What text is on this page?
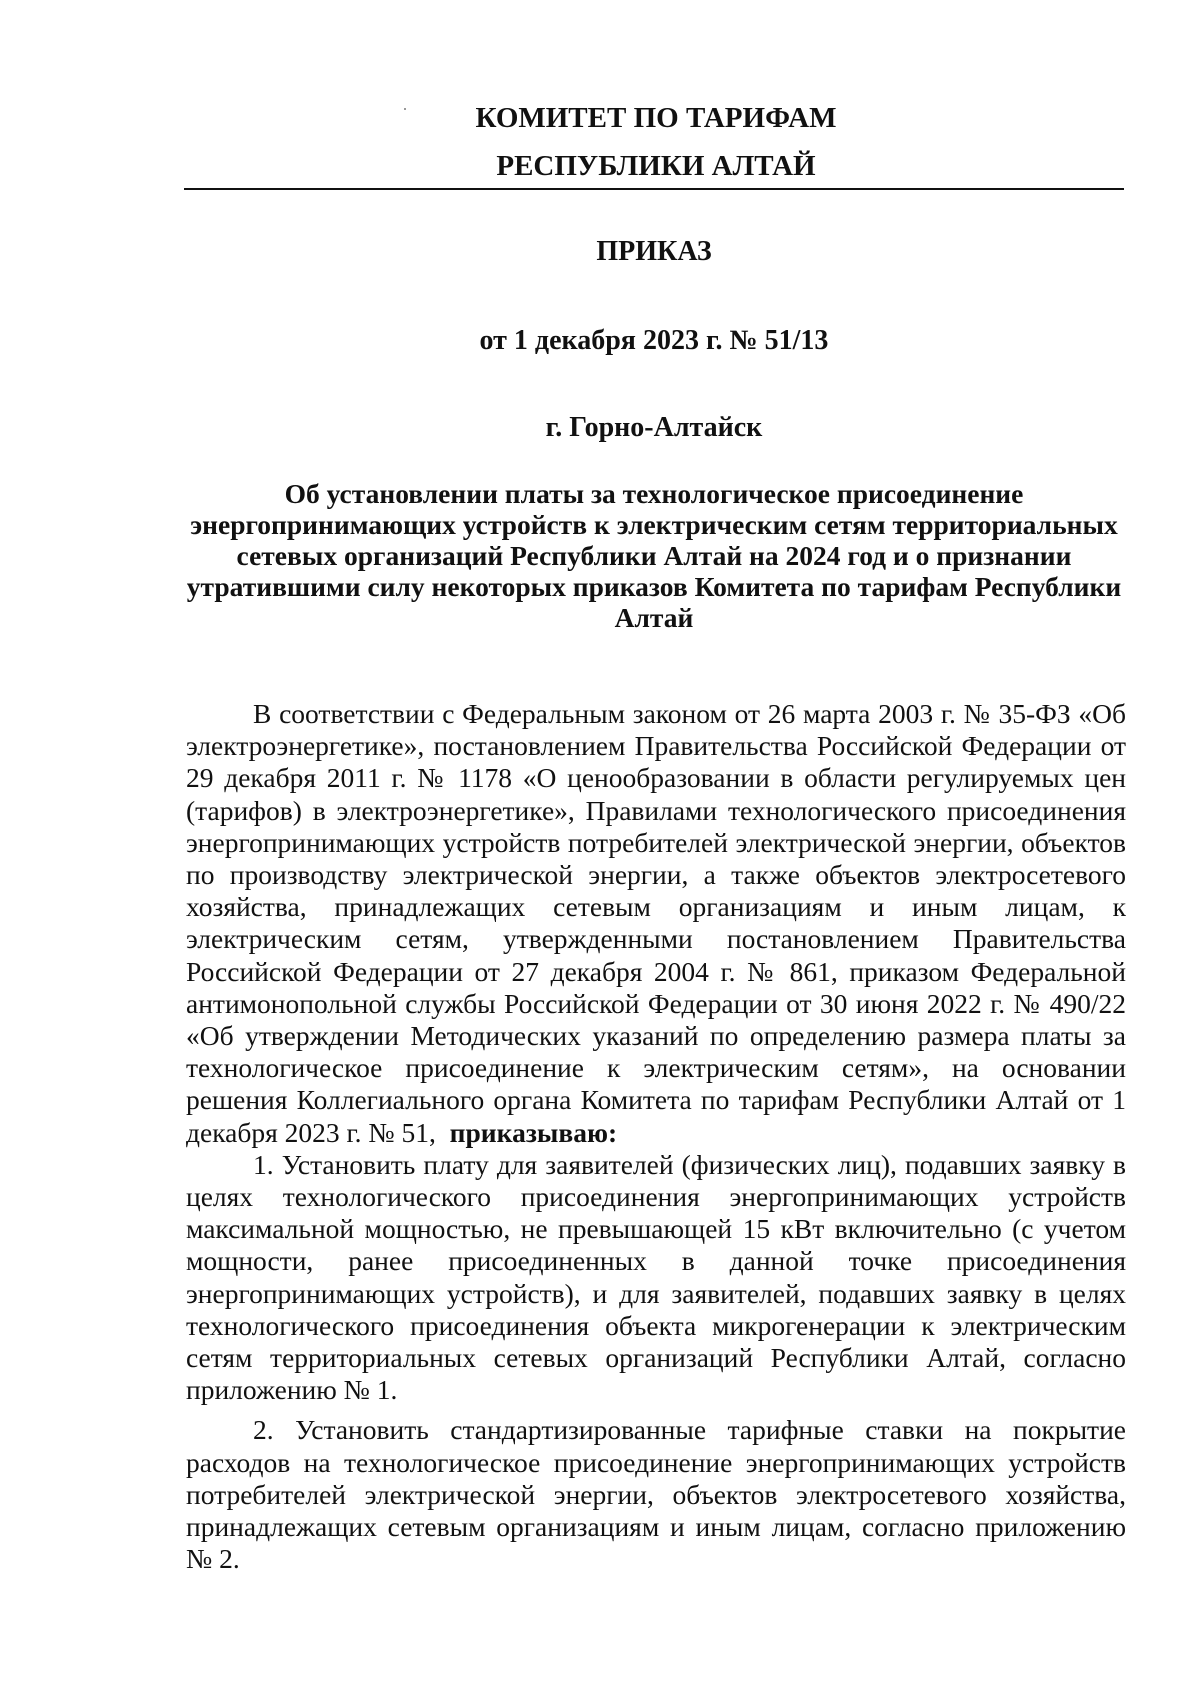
КОМИТЕТ ПО ТАРИФАМ
РЕСПУБЛИКИ АЛТАЙ
ПРИКАЗ
от 1 декабря 2023 г. № 51/13
г. Горно-Алтайск
Об установлении платы за технологическое присоединение энергопринимающих устройств к электрическим сетям территориальных сетевых организаций Республики Алтай на 2024 год и о признании утратившими силу некоторых приказов Комитета по тарифам Республики Алтай

В соответствии с Федеральным законом от 26 марта 2003 г. № 35-ФЗ «Об электроэнергетике», постановлением Правительства Российской Федерации от 29 декабря 2011 г. № 1178 «О ценообразовании в области регулируемых цен (тарифов) в электроэнергетике», Правилами технологического присоединения энергопринимающих устройств потребителей электрической энергии, объектов по производству электрической энергии, а также объектов электросетевого хозяйства, принадлежащих сетевым организациям и иным лицам, к электрическим сетям, утвержденными постановлением Правительства Российской Федерации от 27 декабря 2004 г. № 861, приказом Федеральной антимонопольной службы Российской Федерации от 30 июня 2022 г. № 490/22 «Об утверждении Методических указаний по определению размера платы за технологическое присоединение к электрическим сетям», на основании решения Коллегиального органа Комитета по тарифам Республики Алтай от 1 декабря 2023 г. № 51, приказываю:

1. Установить плату для заявителей (физических лиц), подавших заявку в целях технологического присоединения энергопринимающих устройств максимальной мощностью, не превышающей 15 кВт включительно (с учетом мощности, ранее присоединенных в данной точке присоединения энергопринимающих устройств), и для заявителей, подавших заявку в целях технологического присоединения объекта микрогенерации к электрическим сетям территориальных сетевых организаций Республики Алтай, согласно приложению № 1.

2. Установить стандартизированные тарифные ставки на покрытие расходов на технологическое присоединение энергопринимающих устройств потребителей электрической энергии, объектов электросетевого хозяйства, принадлежащих сетевым организациям и иным лицам, согласно приложению № 2.
